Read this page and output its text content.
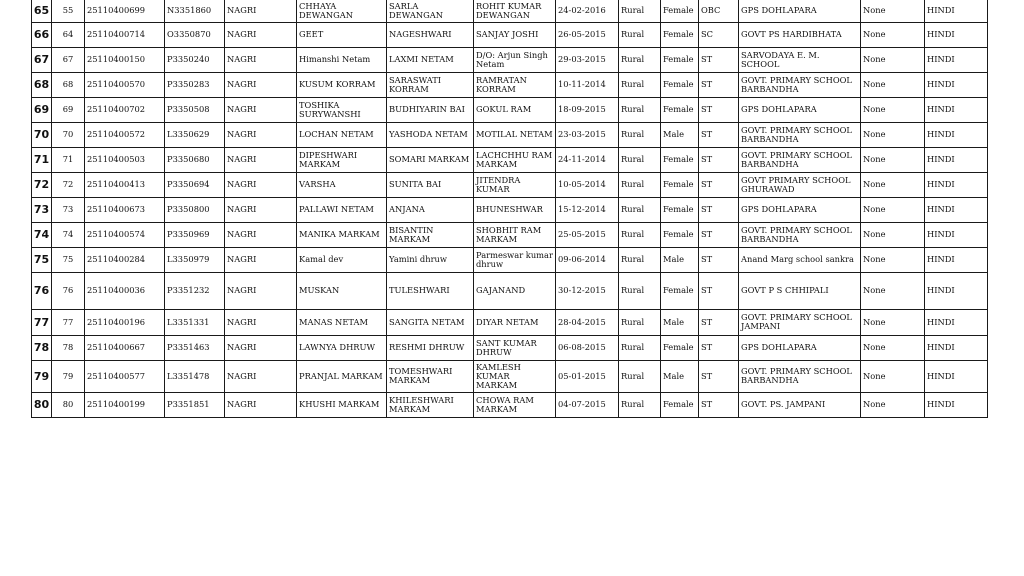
65	55	25110400699	N3351860	NAGRI	CHHAYA DEWANGAN	SARLA DEWANGAN	ROHIT KUMAR DEWANGAN	24-02-2016	Rural	Female	OBC	GPS DOHLAPARA	None	HINDI
66	64	25110400714	O3350870	NAGRI	GEET	NAGESHWARI	SANJAY JOSHI	26-05-2015	Rural	Female	SC	GOVT PS HARDIBHATA	None	HINDI
67	67	25110400150	P3350240	NAGRI	Himanshi Netam	LAXMI NETAM	D/O: Arjun Singh Netam	29-03-2015	Rural	Female	ST	SARVODAYA E. M. SCHOOL	None	HINDI
68	68	25110400570	P3350283	NAGRI	KUSUM KORRAM	SARASWATI KORRAM	RAMRATAN KORRAM	10-11-2014	Rural	Female	ST	GOVT. PRIMARY SCHOOL BARBANDHA	None	HINDI
69	69	25110400702	P3350508	NAGRI	TOSHIKA SURYWANSHI	BUDHIYARIN BAI	GOKUL RAM	18-09-2015	Rural	Female	ST	GPS DOHLAPARA	None	HINDI
70	70	25110400572	L3350629	NAGRI	LOCHAN NETAM	YASHODA NETAM	MOTILAL NETAM	23-03-2015	Rural	Male	ST	GOVT. PRIMARY SCHOOL BARBANDHA	None	HINDI
71	71	25110400503	P3350680	NAGRI	DIPESHWARI MARKAM	SOMARI MARKAM	LACHCHHU RAM MARKAM	24-11-2014	Rural	Female	ST	GOVT. PRIMARY SCHOOL BARBANDHA	None	HINDI
72	72	25110400413	P3350694	NAGRI	VARSHA	SUNITA BAI	JITENDRA KUMAR	10-05-2014	Rural	Female	ST	GOVT PRIMARY SCHOOL GHURAWAD	None	HINDI
73	73	25110400673	P3350800	NAGRI	PALLAWI NETAM	ANJANA	BHUNESHWAR	15-12-2014	Rural	Female	ST	GPS DOHLAPARA	None	HINDI
74	74	25110400574	P3350969	NAGRI	MANIKA MARKAM	BISANTIN MARKAM	SHOBHIT RAM MARKAM	25-05-2015	Rural	Female	ST	GOVT. PRIMARY SCHOOL BARBANDHA	None	HINDI
75	75	25110400284	L3350979	NAGRI	Kamal dev	Yamini dhruw	Parmeswar kumar dhruw	09-06-2014	Rural	Male	ST	Anand Marg school sankra	None	HINDI
76	76	25110400036	P3351232	NAGRI	MUSKAN	TULESHWARI	GAJANAND	30-12-2015	Rural	Female	ST	GOVT P S CHHIPALI	None	HINDI
77	77	25110400196	L3351331	NAGRI	MANAS NETAM	SANGITA NETAM	DIYAR NETAM	28-04-2015	Rural	Male	ST	GOVT. PRIMARY SCHOOL JAMPANI	None	HINDI
78	78	25110400667	P3351463	NAGRI	LAWNYA DHRUW	RESHMI DHRUW	SANT KUMAR DHRUW	06-08-2015	Rural	Female	ST	GPS DOHLAPARA	None	HINDI
79	79	25110400577	L3351478	NAGRI	PRANJAL MARKAM	TOMESHWARI MARKAM	KAMLESH KUMAR MARKAM	05-01-2015	Rural	Male	ST	GOVT. PRIMARY SCHOOL BARBANDHA	None	HINDI
80	80	25110400199	P3351851	NAGRI	KHUSHI MARKAM	KHILESHWARI MARKAM	CHOWA RAM MARKAM	04-07-2015	Rural	Female	ST	GOVT. PS. JAMPANI	None	HINDI
